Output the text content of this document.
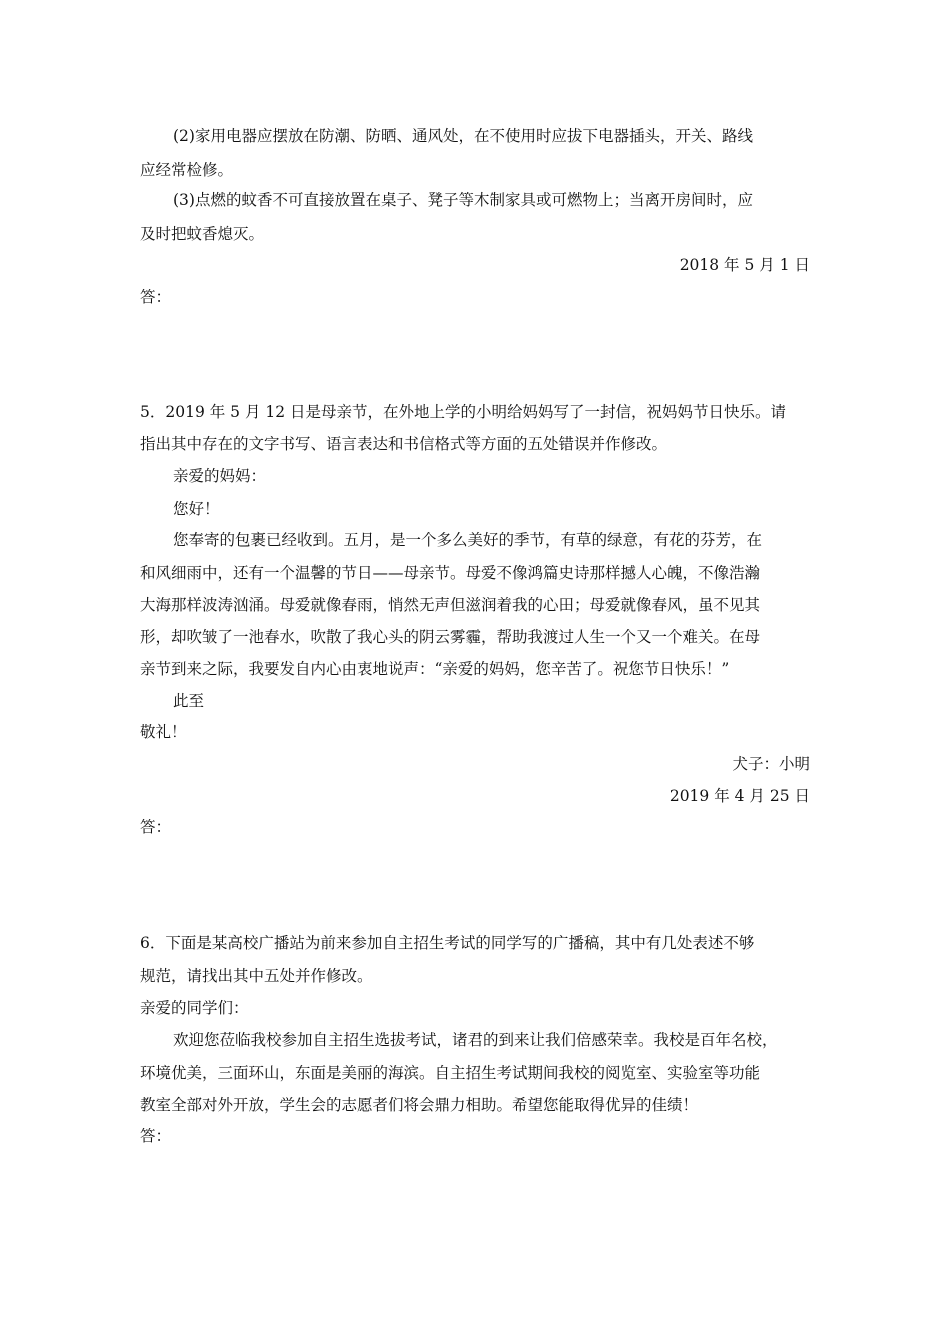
(2)家用电器应摆放在防潮、防晒、通风处，在不使用时应拔下电器插头，开关、路线
应经常检修。
(3)点燃的蚊香不可直接放置在桌子、凳子等木制家具或可燃物上；当离开房间时，应
及时把蚊香熄灭。
2018 年 5 月 1 日
答：
5．2019 年 5 月 12 日是母亲节，在外地上学的小明给妈妈写了一封信，祝妈妈节日快乐。请
指出其中存在的文字书写、语言表达和书信格式等方面的五处错误并作修改。
亲爱的妈妈：
您好！
您奉寄的包裹已经收到。五月，是一个多么美好的季节，有草的绿意，有花的芬芳，在
和风细雨中，还有一个温馨的节日——母亲节。母爱不像鸿篇史诗那样撼人心魄，不像浩瀚
大海那样波涛汹涌。母爱就像春雨，悄然无声但滋润着我的心田；母爱就像春风，虽不见其
形，却吹皱了一池春水，吹散了我心头的阴云雾霾，帮助我渡过人生一个又一个难关。在母
亲节到来之际，我要发自内心由衷地说声：“亲爱的妈妈，您辛苦了。祝您节日快乐！”
此至
敬礼！
犬子：小明
2019 年 4 月 25 日
答：
6．下面是某高校广播站为前来参加自主招生考试的同学写的广播稿，其中有几处表述不够
规范，请找出其中五处并作修改。
亲爱的同学们：
欢迎您莅临我校参加自主招生选拔考试，诸君的到来让我们倍感荣幸。我校是百年名校，
环境优美，三面环山，东面是美丽的海滨。自主招生考试期间我校的阅览室、实验室等功能
教室全部对外开放，学生会的志愿者们将会鼎力相助。希望您能取得优异的佳绩！
答：
